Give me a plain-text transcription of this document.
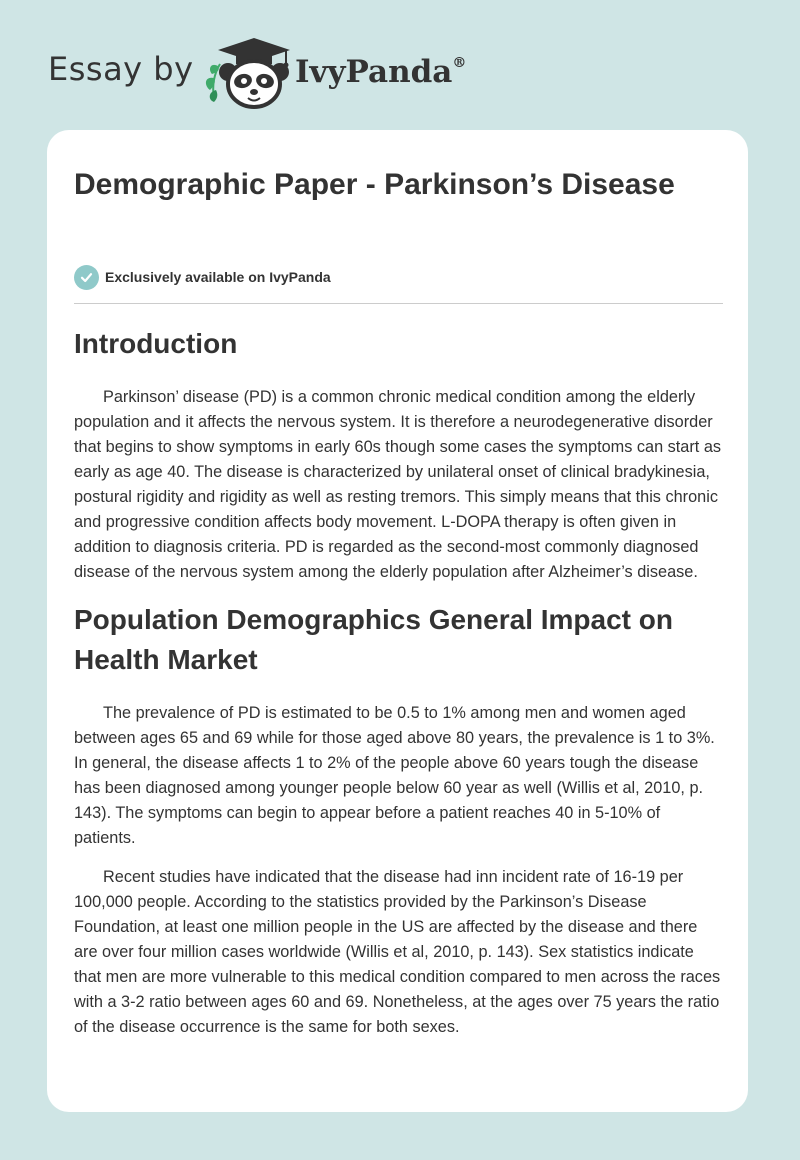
Essay by	IvyPanda®
Demographic Paper - Parkinson’s Disease
Exclusively available on IvyPanda
Introduction

Parkinson’ disease (PD) is a common chronic medical condition among the elderly population and it affects the nervous system. It is therefore a neurodegenerative disorder that begins to show symptoms in early 60s though some cases the symptoms can start as early as age 40. The disease is characterized by unilateral onset of clinical bradykinesia, postural rigidity and rigidity as well as resting tremors. This simply means that this chronic and progressive condition affects body movement. L-DOPA therapy is often given in addition to diagnosis criteria. PD is regarded as the second-most commonly diagnosed disease of the nervous system among the elderly population after Alzheimer’s disease.

Population Demographics General Impact on Health Market

The prevalence of PD is estimated to be 0.5 to 1% among men and women aged between ages 65 and 69 while for those aged above 80 years, the prevalence is 1 to 3%. In general, the disease affects 1 to 2% of the people above 60 years tough the disease has been diagnosed among younger people below 60 year as well (Willis et al, 2010, p. 143). The symptoms can begin to appear before a patient reaches 40 in 5-10% of patients.

Recent studies have indicated that the disease had inn incident rate of 16-19 per 100,000 people. According to the statistics provided by the Parkinson’s Disease Foundation, at least one million people in the US are affected by the disease and there are over four million cases worldwide (Willis et al, 2010, p. 143). Sex statistics indicate that men are more vulnerable to this medical condition compared to men across the races with a 3-2 ratio between ages 60 and 69. Nonetheless, at the ages over 75 years the ratio of the disease occurrence is the same for both sexes.
